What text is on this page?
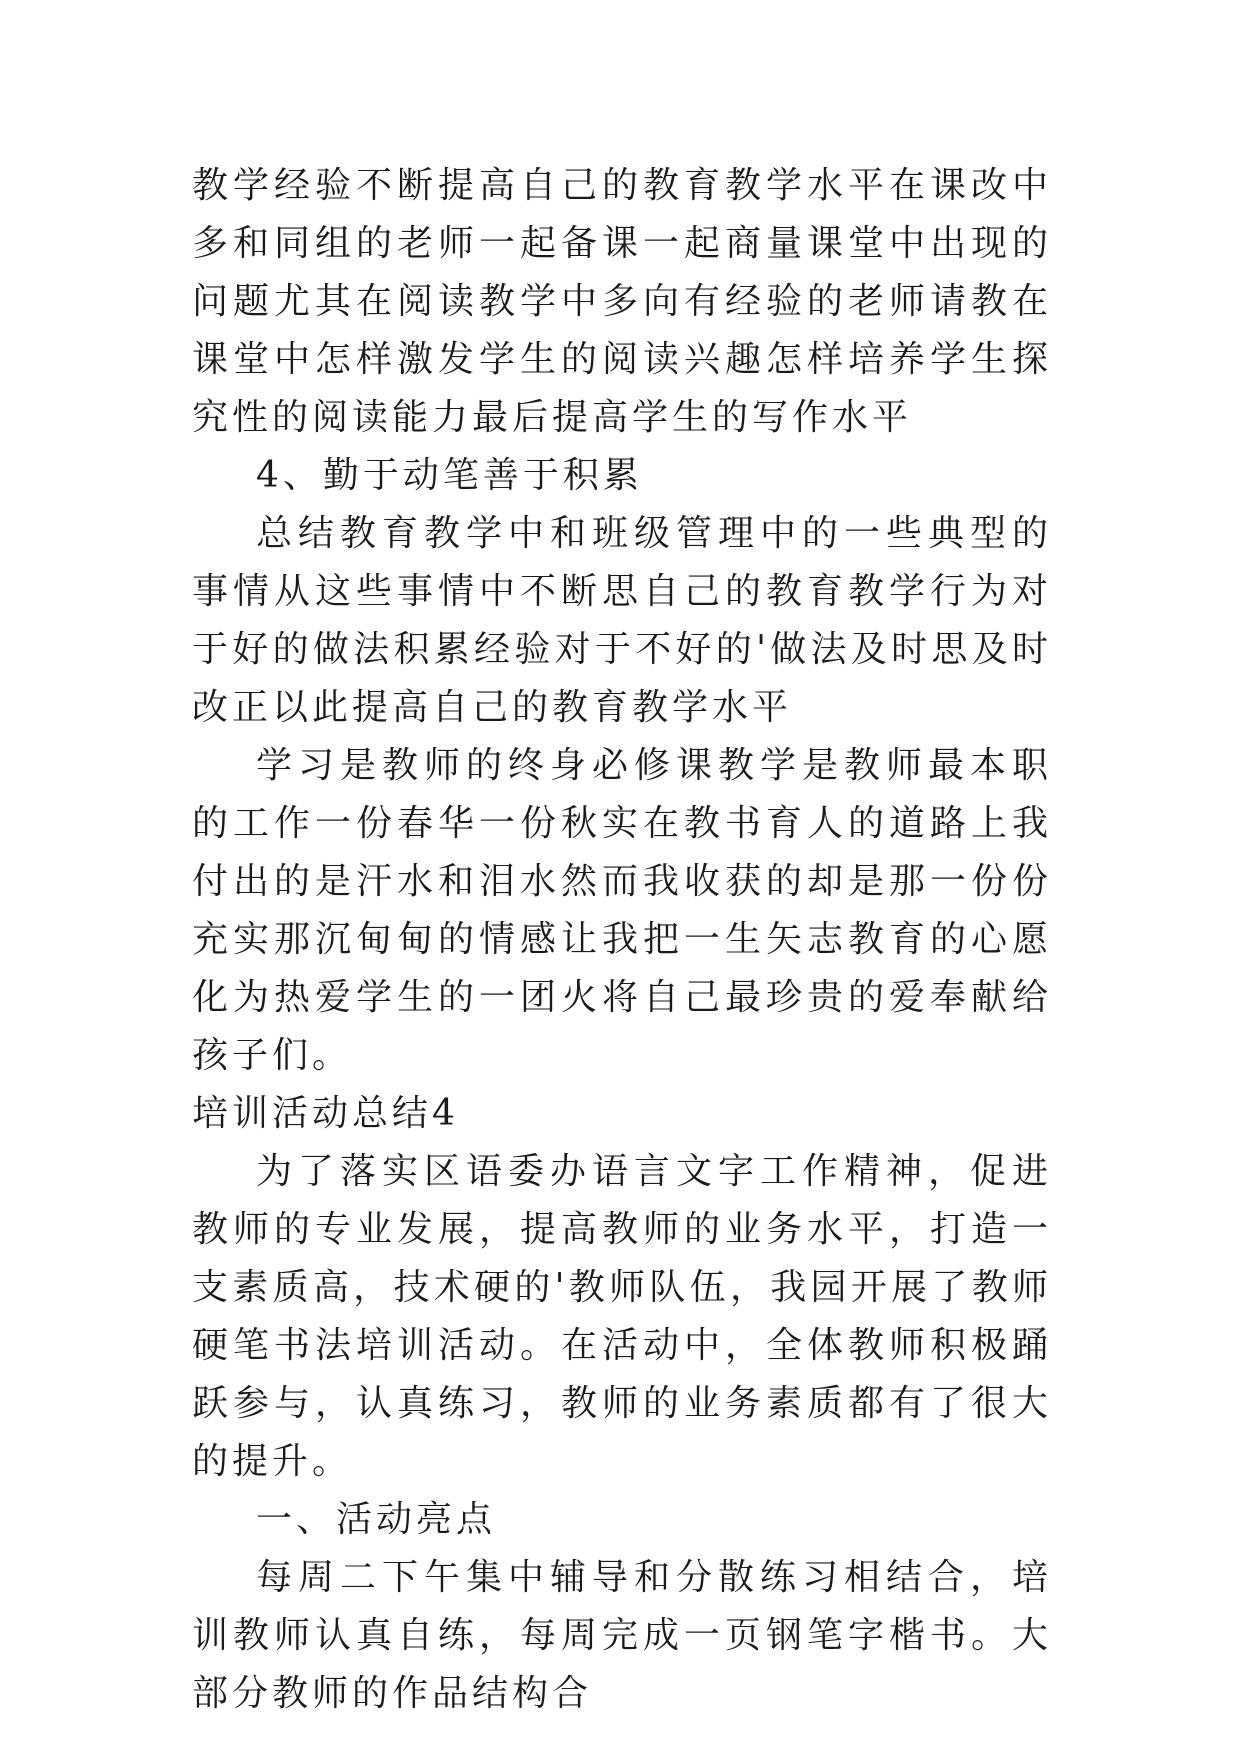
教学经验不断提高自己的教育教学水平在课改中多和同组的老师一起备课一起商量课堂中出现的问题尤其在阅读教学中多向有经验的老师请教在课堂中怎样激发学生的阅读兴趣怎样培养学生探究性的阅读能力最后提高学生的写作水平

4、勤于动笔善于积累

总结教育教学中和班级管理中的一些典型的事情从这些事情中不断思自己的教育教学行为对于好的做法积累经验对于不好的'做法及时思及时改正以此提高自己的教育教学水平

学习是教师的终身必修课教学是教师最本职的工作一份春华一份秋实在教书育人的道路上我付出的是汗水和泪水然而我收获的却是那一份份充实那沉甸甸的情感让我把一生矢志教育的心愿化为热爱学生的一团火将自己最珍贵的爱奉献给孩子们。

培训活动总结4

为了落实区语委办语言文字工作精神，促进教师的专业发展，提高教师的业务水平，打造一支素质高，技术硬的'教师队伍，我园开展了教师硬笔书法培训活动。在活动中，全体教师积极踊跃参与，认真练习，教师的业务素质都有了很大的提升。

一、活动亮点

每周二下午集中辅导和分散练习相结合，培训教师认真自练，每周完成一页钢笔字楷书。大部分教师的作品结构合
